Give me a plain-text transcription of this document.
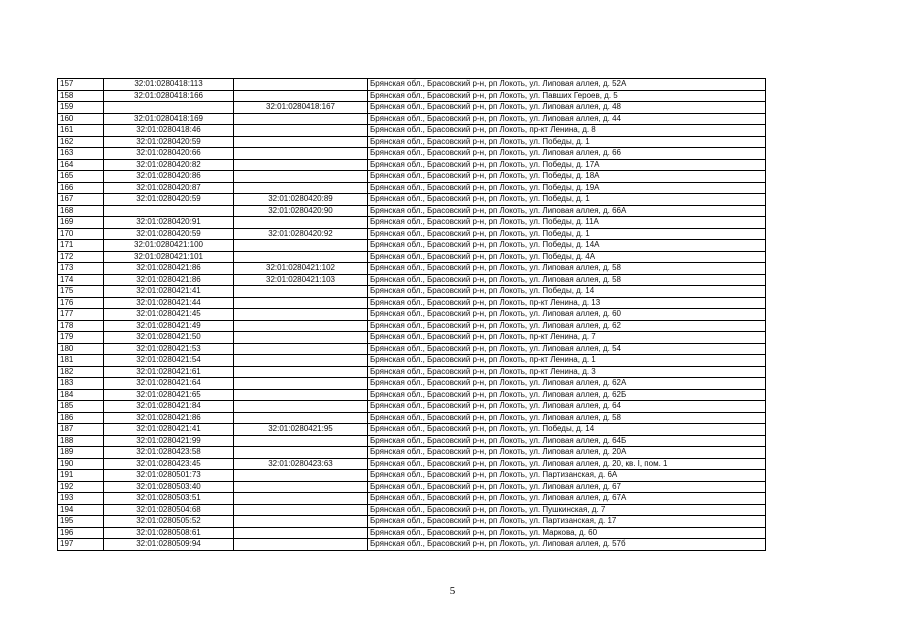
157	32:01:0280418:113		Брянская обл., Брасовский р-н, рп Локоть, ул. Липовая аллея, д. 52А
158	32:01:0280418:166		Брянская обл., Брасовский р-н, рп Локоть, ул. Павших Героев, д. 5
159		32:01:0280418:167	Брянская обл., Брасовский р-н, рп Локоть, ул. Липовая аллея, д. 48
160	32:01:0280418:169		Брянская обл., Брасовский р-н, рп Локоть, ул. Липовая аллея, д. 44
161	32:01:0280418:46		Брянская обл., Брасовский р-н, рп Локоть, пр-кт Ленина, д. 8
162	32:01:0280420:59		Брянская обл., Брасовский р-н, рп Локоть, ул. Победы, д. 1
163	32:01:0280420:66		Брянская обл., Брасовский р-н, рп Локоть, ул. Липовая аллея, д. 66
164	32:01:0280420:82		Брянская обл., Брасовский р-н, рп Локоть, ул. Победы, д. 17А
165	32:01:0280420:86		Брянская обл., Брасовский р-н, рп Локоть, ул. Победы, д. 18А
166	32:01:0280420:87		Брянская обл., Брасовский р-н, рп Локоть, ул. Победы, д. 19А
167	32:01:0280420:59	32:01:0280420:89	Брянская обл., Брасовский р-н, рп Локоть, ул. Победы, д. 1
168		32:01:0280420:90	Брянская обл., Брасовский р-н, рп Локоть, ул. Липовая аллея, д. 66А
169	32:01:0280420:91		Брянская обл., Брасовский р-н, рп Локоть, ул. Победы, д. 11А
170	32:01:0280420:59	32:01:0280420:92	Брянская обл., Брасовский р-н, рп Локоть, ул. Победы, д. 1
171	32:01:0280421:100		Брянская обл., Брасовский р-н, рп Локоть, ул. Победы, д. 14А
172	32:01:0280421:101		Брянская обл., Брасовский р-н, рп Локоть, ул. Победы, д. 4А
173	32:01:0280421:86	32:01:0280421:102	Брянская обл., Брасовский р-н, рп Локоть, ул. Липовая аллея, д. 58
174	32:01:0280421:86	32:01:0280421:103	Брянская обл., Брасовский р-н, рп Локоть, ул. Липовая аллея, д. 58
175	32:01:0280421:41		Брянская обл., Брасовский р-н, рп Локоть, ул. Победы, д. 14
176	32:01:0280421:44		Брянская обл., Брасовский р-н, рп Локоть, пр-кт Ленина, д. 13
177	32:01:0280421:45		Брянская обл., Брасовский р-н, рп Локоть, ул. Липовая аллея, д. 60
178	32:01:0280421:49		Брянская обл., Брасовский р-н, рп Локоть, ул. Липовая аллея, д. 62
179	32:01:0280421:50		Брянская обл., Брасовский р-н, рп Локоть, пр-кт Ленина, д. 7
180	32:01:0280421:53		Брянская обл., Брасовский р-н, рп Локоть, ул. Липовая аллея, д. 54
181	32:01:0280421:54		Брянская обл., Брасовский р-н, рп Локоть, пр-кт Ленина, д. 1
182	32:01:0280421:61		Брянская обл., Брасовский р-н, рп Локоть, пр-кт Ленина, д. 3
183	32:01:0280421:64		Брянская обл., Брасовский р-н, рп Локоть, ул. Липовая аллея, д. 62А
184	32:01:0280421:65		Брянская обл., Брасовский р-н, рп Локоть, ул. Липовая аллея, д. 62Б
185	32:01:0280421:84		Брянская обл., Брасовский р-н, рп Локоть, ул. Липовая аллея, д. 64
186	32:01:0280421:86		Брянская обл., Брасовский р-н, рп Локоть, ул. Липовая аллея, д. 58
187	32:01:0280421:41	32:01:0280421:95	Брянская обл., Брасовский р-н, рп Локоть, ул. Победы, д. 14
188	32:01:0280421:99		Брянская обл., Брасовский р-н, рп Локоть, ул. Липовая аллея, д. 64Б
189	32:01:0280423:58		Брянская обл., Брасовский р-н, рп Локоть, ул. Липовая аллея, д. 20А
190	32:01:0280423:45	32:01:0280423:63	Брянская обл., Брасовский р-н, рп Локоть, ул. Липовая аллея, д. 20, кв. I, пом. 1
191	32:01:0280501:73		Брянская обл., Брасовский р-н, рп Локоть, ул. Партизанская, д. 6А
192	32:01:0280503:40		Брянская обл., Брасовский р-н, рп Локоть, ул. Липовая аллея, д. 67
193	32:01:0280503:51		Брянская обл., Брасовский р-н, рп Локоть, ул. Липовая аллея, д. 67А
194	32:01:0280504:68		Брянская обл., Брасовский р-н, рп Локоть, ул. Пушкинская, д. 7
195	32:01:0280505:52		Брянская обл., Брасовский р-н, рп Локоть, ул. Партизанская, д. 17
196	32:01:0280508:61		Брянская обл., Брасовский р-н, рп Локоть, ул. Маркова, д. 60
197	32:01:0280509:94		Брянская обл., Брасовский р-н, рп Локоть, ул. Липовая аллея, д. 57б
5
